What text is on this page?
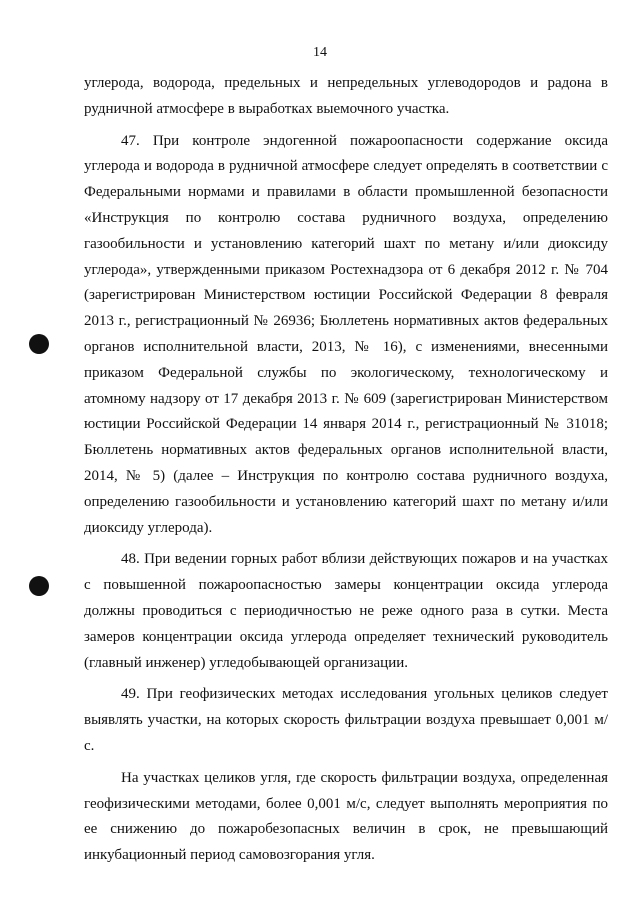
14

углерода, водорода, предельных и непредельных углеводородов и радона в рудничной атмосфере в выработках выемочного участка.

47. При контроле эндогенной пожароопасности содержание оксида углерода и водорода в рудничной атмосфере следует определять в соответствии с Федеральными нормами и правилами в области промышленной безопасности «Инструкция по контролю состава рудничного воздуха, определению газообильности и установлению категорий шахт по метану и/или диоксиду углерода», утвержденными приказом Ростехнадзора от 6 декабря 2012 г. № 704 (зарегистрирован Министерством юстиции Российской Федерации 8 февраля 2013 г., регистрационный № 26936; Бюллетень нормативных актов федеральных органов исполнительной власти, 2013, № 16), с изменениями, внесенными приказом Федеральной службы по экологическому, технологическому и атомному надзору от 17 декабря 2013 г. № 609 (зарегистрирован Министерством юстиции Российской Федерации 14 января 2014 г., регистрационный № 31018; Бюллетень нормативных актов федеральных органов исполнительной власти, 2014, № 5) (далее – Инструкция по контролю состава рудничного воздуха, определению газообильности и установлению категорий шахт по метану и/или диоксиду углерода).

48. При ведении горных работ вблизи действующих пожаров и на участках с повышенной пожароопасностью замеры концентрации оксида углерода должны проводиться с периодичностью не реже одного раза в сутки. Места замеров концентрации оксида углерода определяет технический руководитель (главный инженер) угледобывающей организации.

49. При геофизических методах исследования угольных целиков следует выявлять участки, на которых скорость фильтрации воздуха превышает 0,001 м/с.

На участках целиков угля, где скорость фильтрации воздуха, определенная геофизическими методами, более 0,001 м/с, следует выполнять мероприятия по ее снижению до пожаробезопасных величин в срок, не превышающий инкубационный период самовозгорания угля.
